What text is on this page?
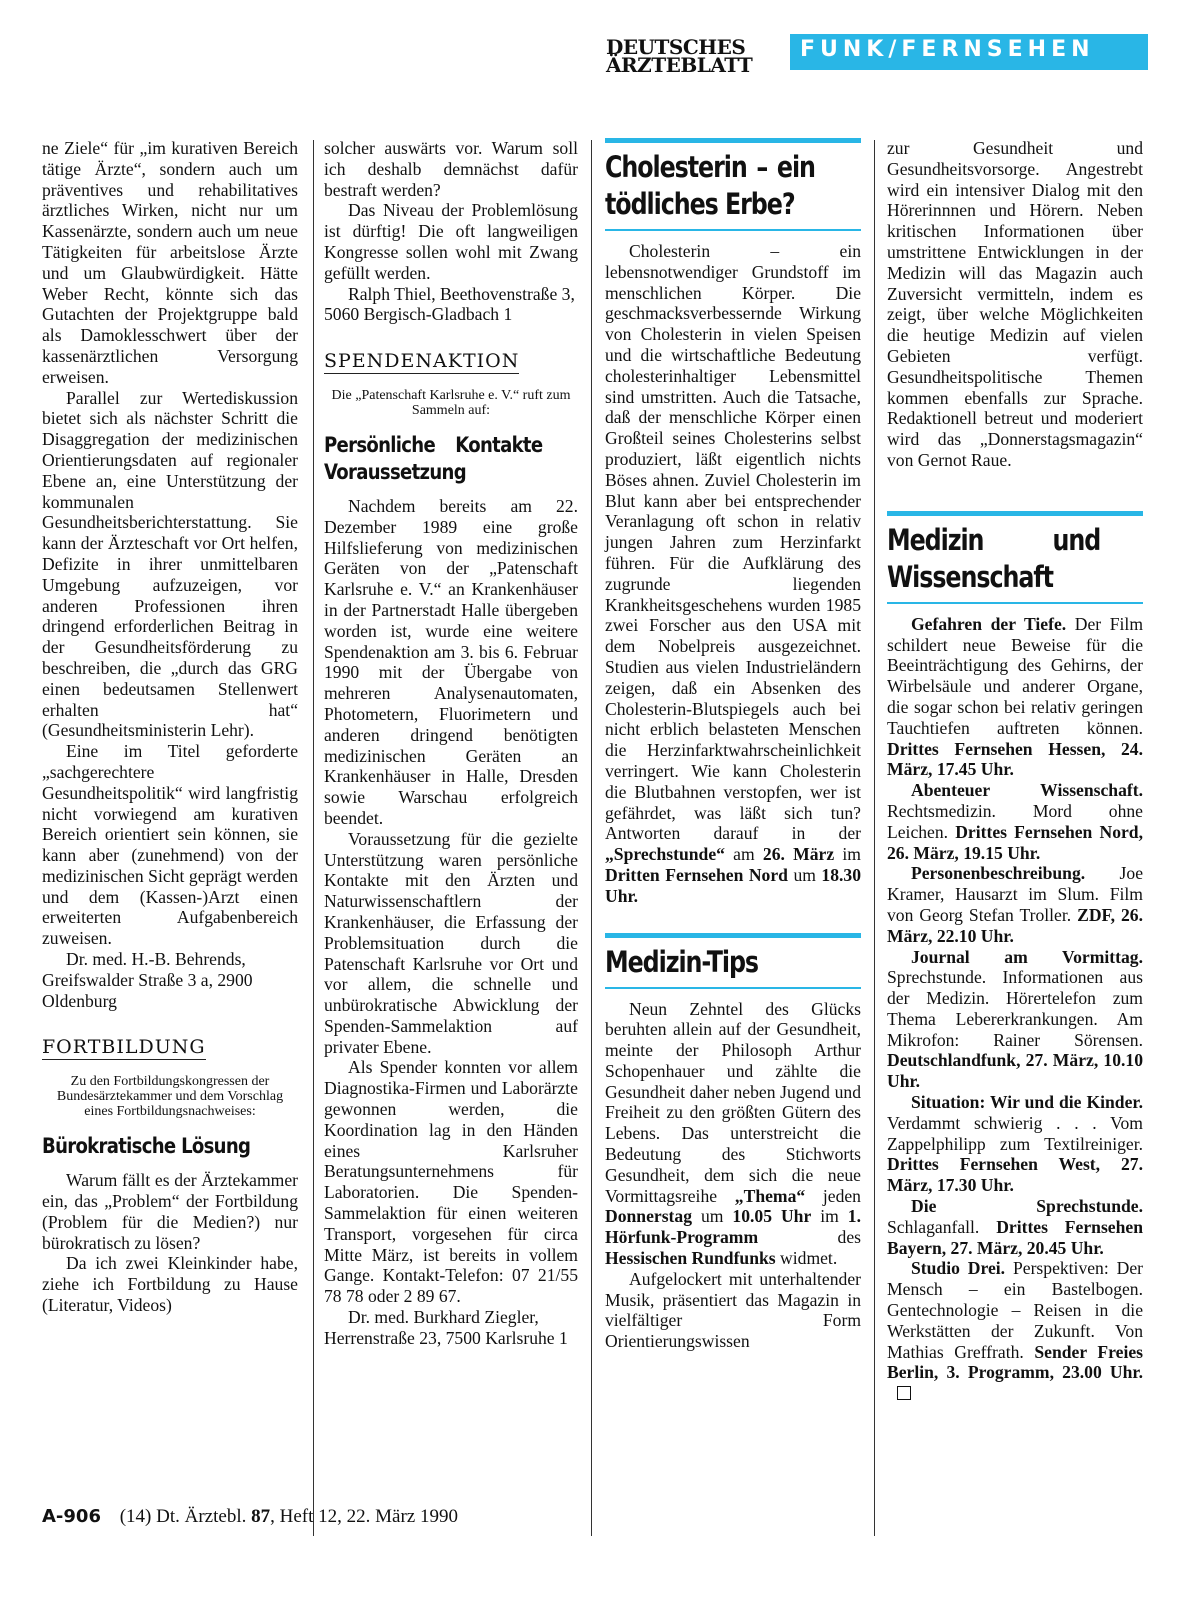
DEUTSCHES
ÄRZTEBLATT
FUNK/FERNSEHEN

ne Ziele“ für „im kurativen Bereich tätige Ärzte“, sondern auch um präventives und rehabilitatives ärztliches Wirken, nicht nur um Kassenärzte, sondern auch um neue Tätigkeiten für arbeitslose Ärzte und um Glaubwürdigkeit. Hätte Weber Recht, könnte sich das Gutachten der Projektgruppe bald als Damoklesschwert über der kassenärztlichen Versorgung erweisen.

Parallel zur Wertediskussion bietet sich als nächster Schritt die Disaggregation der medizinischen Orientierungsdaten auf regionaler Ebene an, eine Unterstützung der kommunalen Gesundheitsberichterstattung. Sie kann der Ärzteschaft vor Ort helfen, Defizite in ihrer unmittelbaren Umgebung aufzuzeigen, vor anderen Professionen ihren dringend erforderlichen Beitrag in der Gesundheitsförderung zu beschreiben, die „durch das GRG einen bedeutsamen Stellenwert erhalten hat“ (Gesundheitsministerin Lehr).

Eine im Titel geforderte „sachgerechtere Gesundheitspolitik“ wird langfristig nicht vorwiegend am kurativen Bereich orientiert sein können, sie kann aber (zunehmend) von der medizinischen Sicht geprägt werden und dem (Kassen-)Arzt einen erweiterten Aufgabenbereich zuweisen.

Dr. med. H.-B. Behrends, Greifswalder Straße 3 a, 2900 Oldenburg

FORTBILDUNG
Zu den Fortbildungskongressen der Bundesärztekammer und dem Vorschlag eines Fortbildungsnachweises:
Bürokratische Lösung

Warum fällt es der Ärztekammer ein, das „Problem“ der Fortbildung (Problem für die Medien?) nur bürokratisch zu lösen?

Da ich zwei Kleinkinder habe, ziehe ich Fortbildung zu Hause (Literatur, Videos)

solcher auswärts vor. Warum soll ich deshalb demnächst dafür bestraft werden?

Das Niveau der Problemlösung ist dürftig! Die oft langweiligen Kongresse sollen wohl mit Zwang gefüllt werden.

Ralph Thiel, Beethovenstraße 3, 5060 Bergisch-Gladbach 1

SPENDENAKTION
Die „Patenschaft Karlsruhe e. V.“ ruft zum Sammeln auf:
Persönliche Kontakte Voraussetzung

Nachdem bereits am 22. Dezember 1989 eine große Hilfslieferung von medizinischen Geräten von der „Patenschaft Karlsruhe e. V.“ an Krankenhäuser in der Partnerstadt Halle übergeben worden ist, wurde eine weitere Spendenaktion am 3. bis 6. Februar 1990 mit der Übergabe von mehreren Analysenautomaten, Photometern, Fluorimetern und anderen dringend benötigten medizinischen Geräten an Krankenhäuser in Halle, Dresden sowie Warschau erfolgreich beendet.

Voraussetzung für die gezielte Unterstützung waren persönliche Kontakte mit den Ärzten und Naturwissenschaftlern der Krankenhäuser, die Erfassung der Problemsituation durch die Patenschaft Karlsruhe vor Ort und vor allem, die schnelle und unbürokratische Abwicklung der Spenden-Sammelaktion auf privater Ebene.

Als Spender konnten vor allem Diagnostika-Firmen und Laborärzte gewonnen werden, die Koordination lag in den Händen eines Karlsruher Beratungsunternehmens für Laboratorien. Die Spenden-Sammelaktion für einen weiteren Transport, vorgesehen für circa Mitte März, ist bereits in vollem Gange. Kontakt-Telefon: 07 21/55 78 78 oder 2 89 67.

Dr. med. Burkhard Ziegler, Herrenstraße 23, 7500 Karlsruhe 1

Cholesterin – ein tödliches Erbe?

Cholesterin – ein lebensnotwendiger Grundstoff im menschlichen Körper. Die geschmacksverbessernde Wirkung von Cholesterin in vielen Speisen und die wirtschaftliche Bedeutung cholesterinhaltiger Lebensmittel sind umstritten. Auch die Tatsache, daß der menschliche Körper einen Großteil seines Cholesterins selbst produziert, läßt eigentlich nichts Böses ahnen. Zuviel Cholesterin im Blut kann aber bei entsprechender Veranlagung oft schon in relativ jungen Jahren zum Herzinfarkt führen. Für die Aufklärung des zugrunde liegenden Krankheitsgeschehens wurden 1985 zwei Forscher aus den USA mit dem Nobelpreis ausgezeichnet. Studien aus vielen Industrieländern zeigen, daß ein Absenken des Cholesterin-Blutspiegels auch bei nicht erblich belasteten Menschen die Herzinfarktwahrscheinlichkeit verringert. Wie kann Cholesterin die Blutbahnen verstopfen, wer ist gefährdet, was läßt sich tun? Antworten darauf in der „Sprechstunde“ am 26. März im Dritten Fernsehen Nord um 18.30 Uhr.

Medizin-Tips

Neun Zehntel des Glücks beruhten allein auf der Gesundheit, meinte der Philosoph Arthur Schopenhauer und zählte die Gesundheit daher neben Jugend und Freiheit zu den größten Gütern des Lebens. Das unterstreicht die Bedeutung des Stichworts Gesundheit, dem sich die neue Vormittagsreihe „Thema“ jeden Donnerstag um 10.05 Uhr im 1. Hörfunk-Programm	des Hessischen Rundfunks widmet.

Aufgelockert mit unterhaltender Musik, präsentiert das Magazin in vielfältiger Form Orientierungswissen

zur Gesundheit und Gesundheitsvorsorge. Angestrebt wird ein intensiver Dialog mit den Hörerinnnen und Hörern. Neben kritischen Informationen über umstrittene Entwicklungen in der Medizin will das Magazin auch Zuversicht vermitteln, indem es zeigt, über welche Möglichkeiten die heutige Medizin auf vielen Gebieten verfügt. Gesundheitspolitische Themen kommen ebenfalls zur Sprache. Redaktionell betreut und moderiert wird das „Donnerstagsmagazin“ von Gernot Raue.

Medizin und Wissenschaft

Gefahren der Tiefe. Der Film schildert neue Beweise für die Beeinträchtigung des Gehirns, der Wirbelsäule und anderer Organe, die sogar schon bei relativ geringen Tauchtiefen auftreten können. Drittes Fernsehen Hessen, 24. März, 17.45 Uhr.

Abenteuer Wissenschaft. Rechtsmedizin. Mord ohne Leichen. Drittes Fernsehen Nord, 26. März, 19.15 Uhr.

Personenbeschreibung. Joe Kramer, Hausarzt im Slum. Film von Georg Stefan Troller. ZDF, 26. März, 22.10 Uhr.

Journal am Vormittag. Sprechstunde. Informationen aus der Medizin. Hörertelefon zum Thema Lebererkrankungen. Am Mikrofon: Rainer Sörensen. Deutschlandfunk, 27. März, 10.10 Uhr.

Situation: Wir und die Kinder. Verdammt schwierig . . . Vom Zappelphilipp zum Textilreiniger. Drittes Fernsehen West, 27. März, 17.30 Uhr.

Die Sprechstunde. Schlaganfall. Drittes Fernsehen Bayern, 27. März, 20.45 Uhr.

Studio Drei. Perspektiven: Der Mensch – ein Bastelbogen. Gentechnologie – Reisen in die Werkstätten der Zukunft. Von Mathias Greffrath. Sender Freies Berlin, 3. Programm, 23.00 Uhr.

A-906 (14) Dt. Ärztebl. 87, Heft 12, 22. März 1990
